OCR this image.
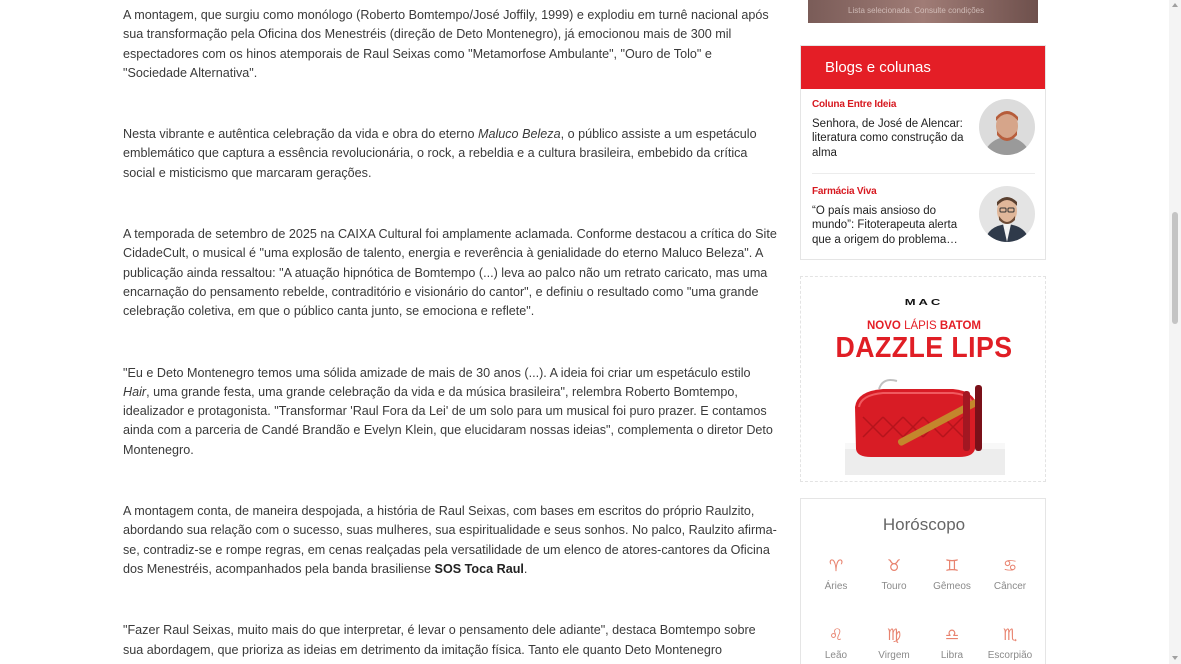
A montagem, que surgiu como monólogo (Roberto Bomtempo/José Joffily, 1999) e explodiu em turnê nacional após sua transformação pela Oficina dos Menestréis (direção de Deto Montenegro), já emocionou mais de 300 mil espectadores com os hinos atemporais de Raul Seixas como "Metamorfose Ambulante", "Ouro de Tolo" e "Sociedade Alternativa".

Nesta vibrante e autêntica celebração da vida e obra do eterno Maluco Beleza, o público assiste a um espetáculo emblemático que captura a essência revolucionária, o rock, a rebeldia e a cultura brasileira, embebido da crítica social e misticismo que marcaram gerações.

A temporada de setembro de 2025 na CAIXA Cultural foi amplamente aclamada. Conforme destacou a crítica do Site CidadeCult, o musical é "uma explosão de talento, energia e reverência à genialidade do eterno Maluco Beleza". A publicação ainda ressaltou: "A atuação hipnótica de Bomtempo (...) leva ao palco não um retrato caricato, mas uma encarnação do pensamento rebelde, contraditório e visionário do cantor", e definiu o resultado como "uma grande celebração coletiva, em que o público canta junto, se emociona e reflete".

"Eu e Deto Montenegro temos uma sólida amizade de mais de 30 anos (...). A ideia foi criar um espetáculo estilo Hair, uma grande festa, uma grande celebração da vida e da música brasileira", relembra Roberto Bomtempo, idealizador e protagonista. "Transformar 'Raul Fora da Lei' de um solo para um musical foi puro prazer. E contamos ainda com a parceria de Candé Brandão e Evelyn Klein, que elucidaram nossas ideias", complementa o diretor Deto Montenegro.

A montagem conta, de maneira despojada, a história de Raul Seixas, com bases em escritos do próprio Raulzito, abordando sua relação com o sucesso, suas mulheres, sua espiritualidade e seus sonhos. No palco, Raulzito afirma-se, contradiz-se e rompe regras, em cenas realçadas pela versatilidade de um elenco de atores-cantores da Oficina dos Menestréis, acompanhados pela banda brasiliense SOS Toca Raul.

"Fazer Raul Seixas, muito mais do que interpretar, é levar o pensamento dele adiante", destaca Bomtempo sobre sua abordagem, que prioriza as ideias em detrimento da imitação física. Tanto ele quanto Deto Montenegro

Lista selecionada. Consulte condições
Blogs e colunas
Coluna Entre Ideia
Senhora, de José de Alencar: literatura como construção da alma
Farmácia Viva
“O país mais ansioso do mundo”: Fitoterapeuta alerta que a origem do problema…
MAC
NOVO LÁPIS BATOM
DAZZLE LIPS
Horóscopo
♈
Áries
♉
Touro
♊
Gêmeos
♋
Câncer
♌
Leão
♍
Virgem
♎
Libra
♏
Escorpião
